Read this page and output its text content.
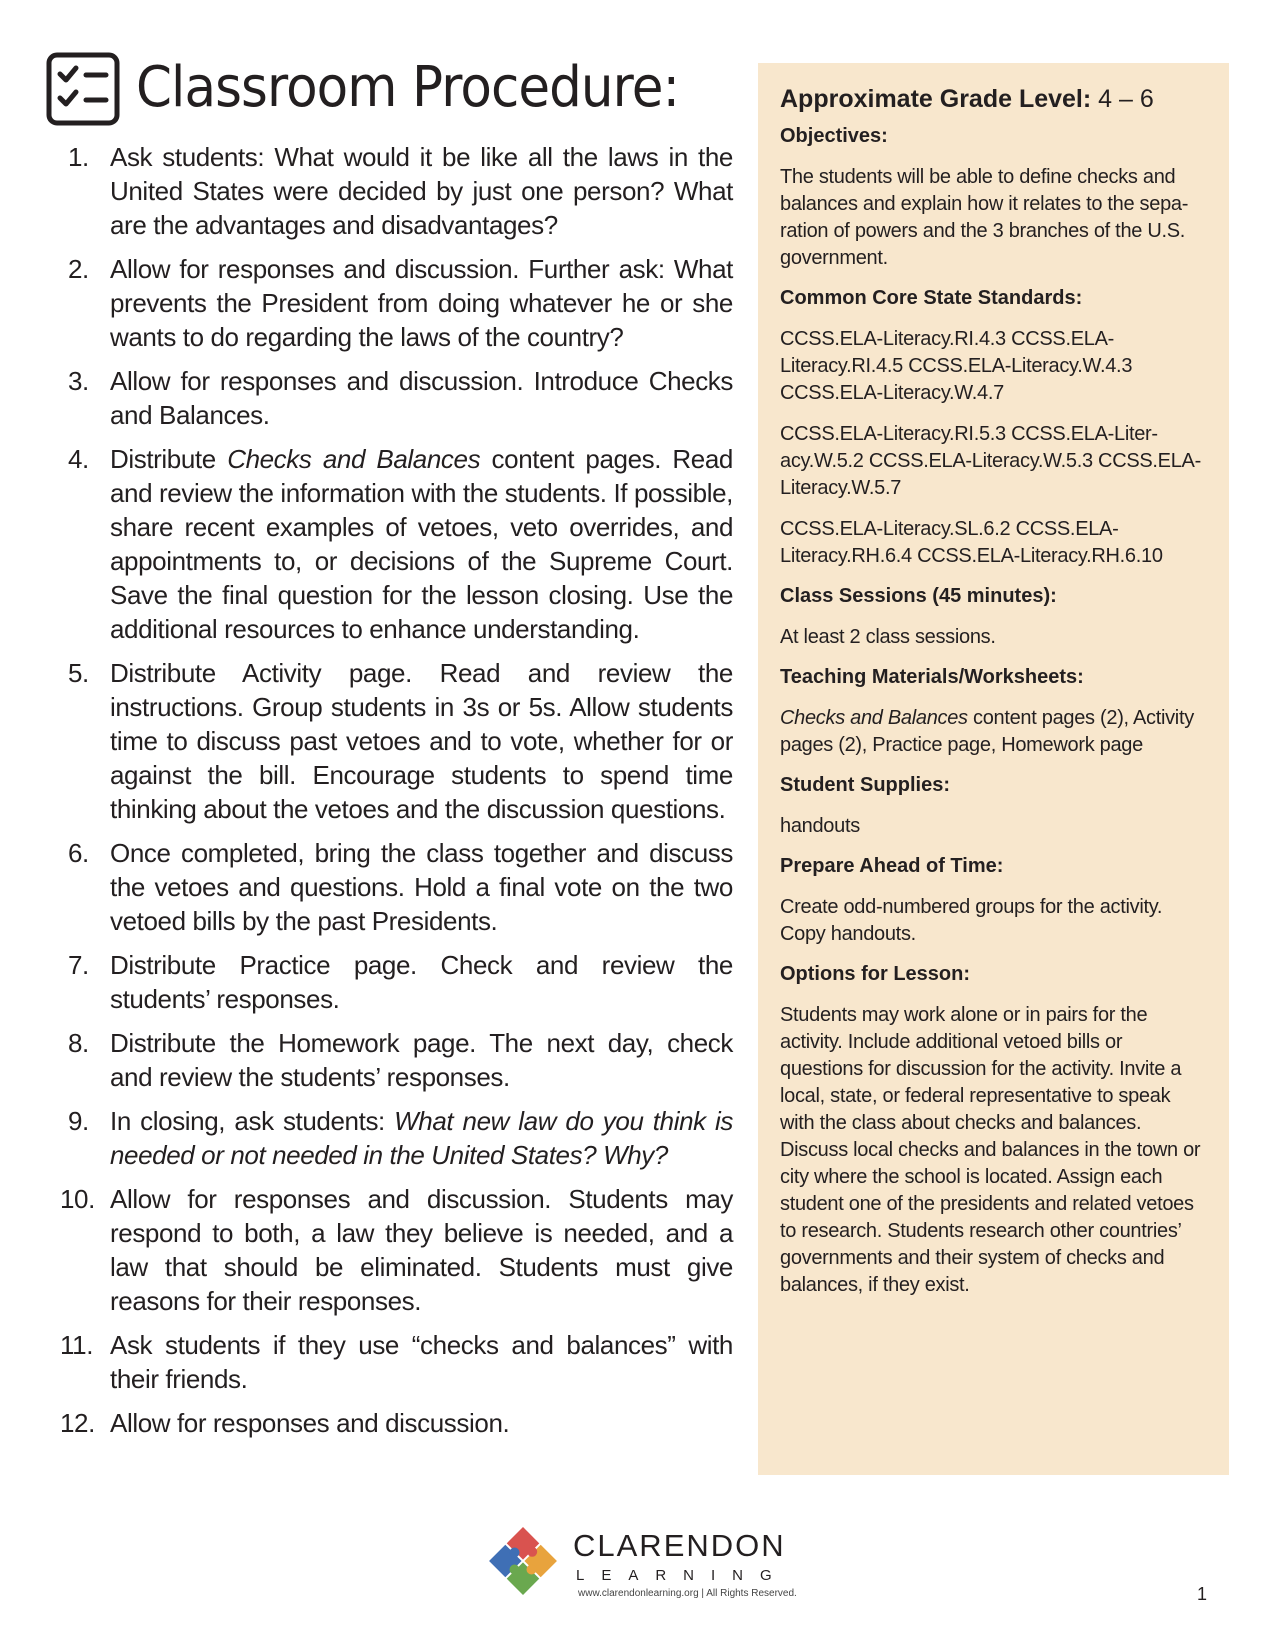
Classroom Procedure:
1. Ask students: What would it be like all the laws in the United States were decided by just one person? What are the advantages and disadvantages?
2. Allow for responses and discussion. Further ask: What prevents the President from doing whatever he or she wants to do regarding the laws of the country?
3. Allow for responses and discussion. Introduce Checks and Balances.
4. Distribute Checks and Balances content pages. Read and review the information with the students. If possible, share recent examples of vetoes, veto overrides, and appointments to, or decisions of the Supreme Court. Save the final question for the lesson closing. Use the additional resources to enhance understanding.
5. Distribute Activity page. Read and review the instructions. Group students in 3s or 5s. Allow students time to discuss past vetoes and to vote, whether for or against the bill. Encourage students to spend time thinking about the vetoes and the discussion questions.
6. Once completed, bring the class together and discuss the vetoes and questions. Hold a final vote on the two vetoed bills by the past Presidents.
7. Distribute Practice page. Check and review the students’ responses.
8. Distribute the Homework page. The next day, check and review the students’ responses.
9. In closing, ask students: What new law do you think is needed or not needed in the United States? Why?
10. Allow for responses and discussion. Students may respond to both, a law they believe is needed, and a law that should be eliminated. Students must give reasons for their responses.
11. Ask students if they use “checks and balances” with their friends.
12. Allow for responses and discussion.
Approximate Grade Level: 4 – 6
Objectives:
The students will be able to define checks and balances and explain how it relates to the sepa-ration of powers and the 3 branches of the U.S. government.
Common Core State Standards:
CCSS.ELA-Literacy.RI.4.3 CCSS.ELA-Literacy.RI.4.5 CCSS.ELA-Literacy.W.4.3 CCSS.ELA-Literacy.W.4.7
CCSS.ELA-Literacy.RI.5.3 CCSS.ELA-Liter-acy.W.5.2 CCSS.ELA-Literacy.W.5.3 CCSS.ELA-Literacy.W.5.7
CCSS.ELA-Literacy.SL.6.2 CCSS.ELA-Literacy.RH.6.4 CCSS.ELA-Literacy.RH.6.10
Class Sessions (45 minutes):
At least 2 class sessions.
Teaching Materials/Worksheets:
Checks and Balances content pages (2), Activity pages (2), Practice page, Homework page
Student Supplies:
handouts
Prepare Ahead of Time:
Create odd-numbered groups for the activity. Copy handouts.
Options for Lesson:
Students may work alone or in pairs for the activity. Include additional vetoed bills or questions for discussion for the activity. Invite a local, state, or federal representative to speak with the class about checks and balances. Discuss local checks and balances in the town or city where the school is located. Assign each student one of the presidents and related vetoes to research. Students research other countries’ governments and their system of checks and balances, if they exist.
CLARENDON
LEARNING
www.clarendonlearning.org | All Rights Reserved.	1
